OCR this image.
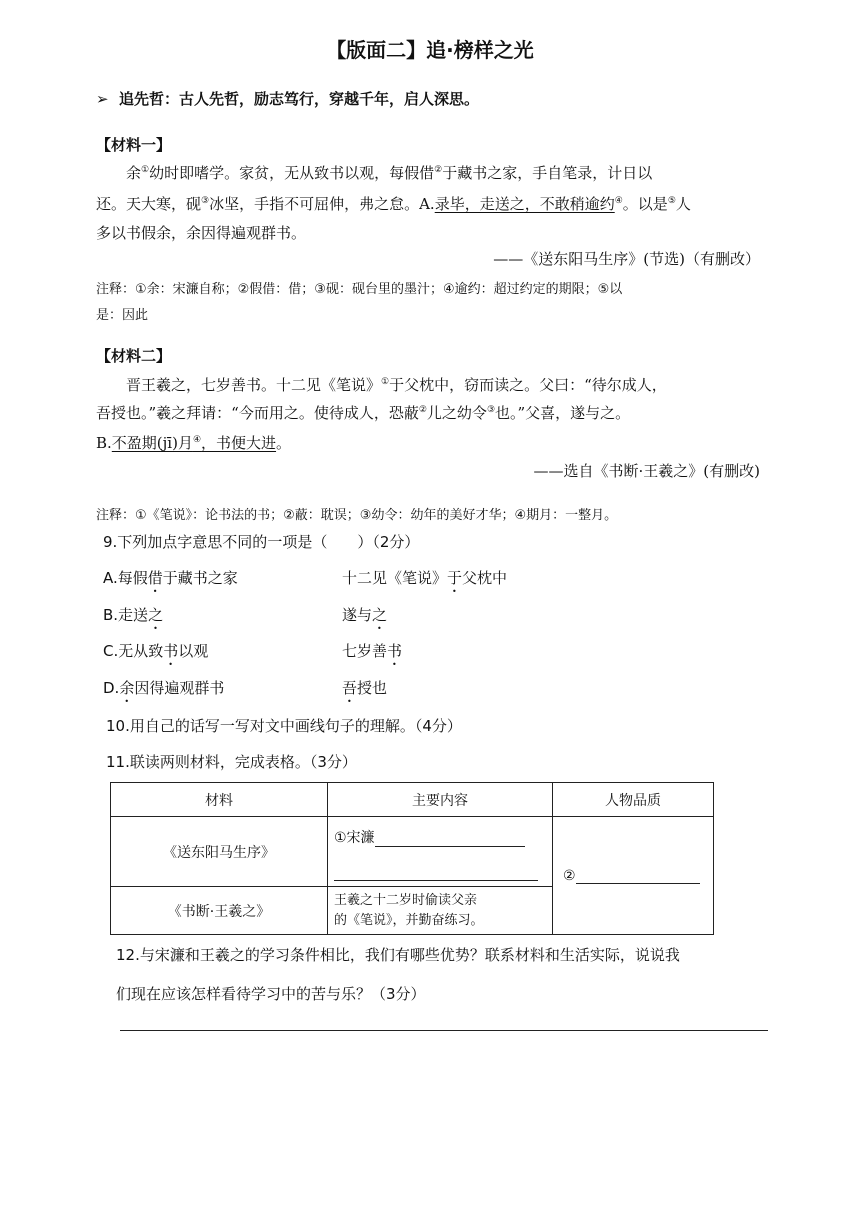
【版面二】追·榜样之光
➢ 追先哲：古人先哲，励志笃行，穿越千年，启人深思。
【材料一】
余①幼时即嗜学。家贫，无从致书以观，每假借②于藏书之家，手自笔录，计日以
还。天大寒，砚③冰坚，手指不可屈伸，弗之怠。A.录毕，走送之，不敢稍逾约④。以是⑤人
多以书假余，余因得遍观群书。
——《送东阳马生序》(节选)（有删改）
注释：①余：宋濂自称；②假借：借；③砚：砚台里的墨汁；④逾约：超过约定的期限；⑤以
是：因此
【材料二】
晋王羲之，七岁善书。十二见《笔说》①于父枕中，窃而读之。父曰：“待尔成人，
吾授也。”羲之拜请：“今而用之。使待成人，恐蔽②儿之幼令③也。”父喜，遂与之。
B.不盈期(jī)月④，书便大进。
——选自《书断·王羲之》(有删改)
注释：①《笔说》：论书法的书；②蔽：耽误；③幼令：幼年的美好才华；④期月：一整月。
9.下列加点字意思不同的一项是（　　）（2分）
A.每假借于藏书之家	十二见《笔说》于父枕中
B.走送之	遂与之
C.无从致书以观	七岁善书
D.余因得遍观群书	吾授也
10.用自己的话写一写对文中画线句子的理解。（4分）
11.联读两则材料，完成表格。（3分）
材料	主要内容	人物品质
《送东阳马生序》	①宋濂	②
《书断·王羲之》	王羲之十二岁时偷读父亲
的《笔说》，并勤奋练习。	
12.与宋濂和王羲之的学习条件相比，我们有哪些优势？联系材料和生活实际，说说我
们现在应该怎样看待学习中的苦与乐？（3分）
